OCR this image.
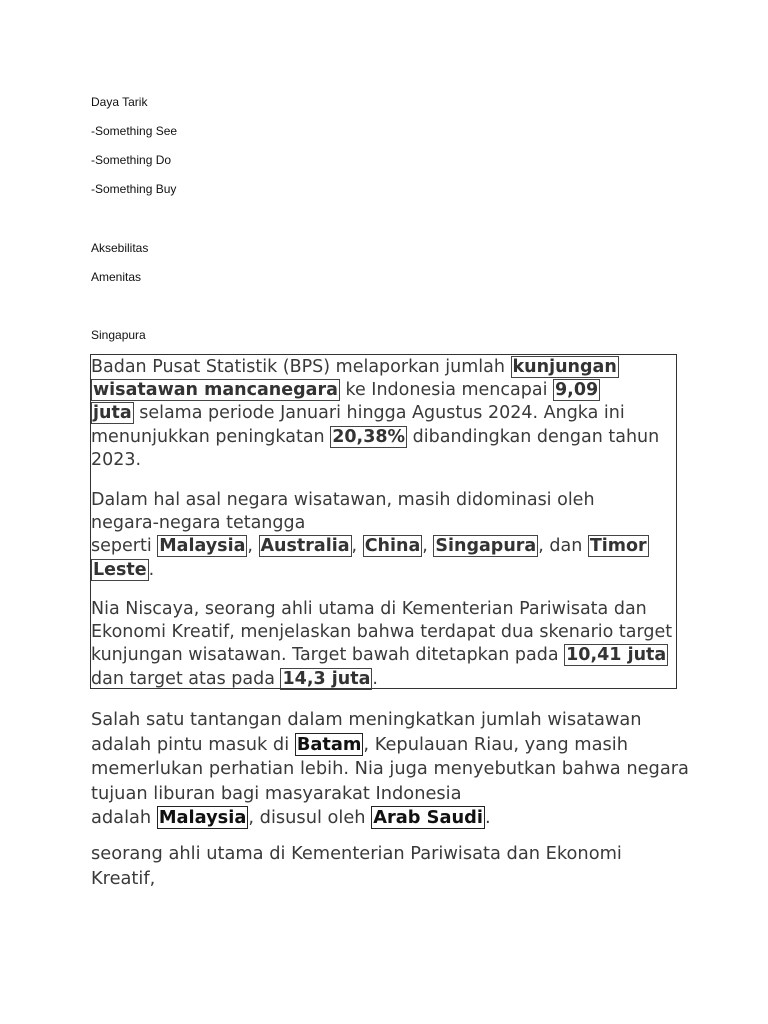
Daya Tarik
-Something See
-Something Do
-Something Buy
Aksebilitas
Amenitas
Singapura

Badan Pusat Statistik (BPS) melaporkan jumlah kunjungan
wisatawan mancanegara ke Indonesia mencapai 9,09
juta selama periode Januari hingga Agustus 2024. Angka ini menunjukkan peningkatan 20,38% dibandingkan dengan tahun 2023.

Dalam hal asal negara wisatawan, masih didominasi oleh negara-negara tetangga
seperti Malaysia , Australia , China , Singapura , dan Timor
Leste .

Nia Niscaya, seorang ahli utama di Kementerian Pariwisata dan Ekonomi Kreatif, menjelaskan bahwa terdapat dua skenario target kunjungan wisatawan. Target bawah ditetapkan pada 10,41 juta dan target atas pada 14,3 juta .

Salah satu tantangan dalam meningkatkan jumlah wisatawan adalah pintu masuk di Batam , Kepulauan Riau, yang masih memerlukan perhatian lebih. Nia juga menyebutkan bahwa negara tujuan liburan bagi masyarakat Indonesia
adalah Malaysia , disusul oleh Arab Saudi .

seorang ahli utama di Kementerian Pariwisata dan Ekonomi Kreatif,
